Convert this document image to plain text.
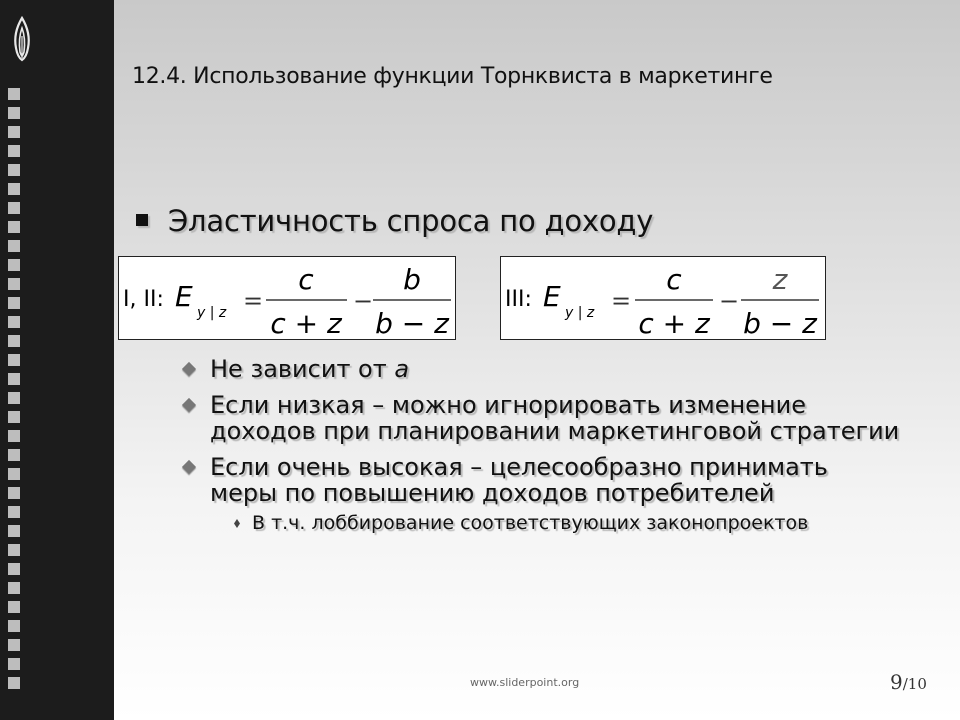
12.4. Использование функции Торнквиста в маркетинге
Эластичность спроса по доходу
I, II: E y | z =
c
c + z
−
b
b − z
III: E y | z =
c
c + z
−
z
b − z
Не зависит от a
Если низкая – можно игнорировать изменение доходов при планировании маркетинговой стратегии
Если очень высокая – целесообразно принимать меры по повышению доходов потребителей
В т.ч. лоббирование соответствующих законопроектов
www.sliderpoint.org	9/10
